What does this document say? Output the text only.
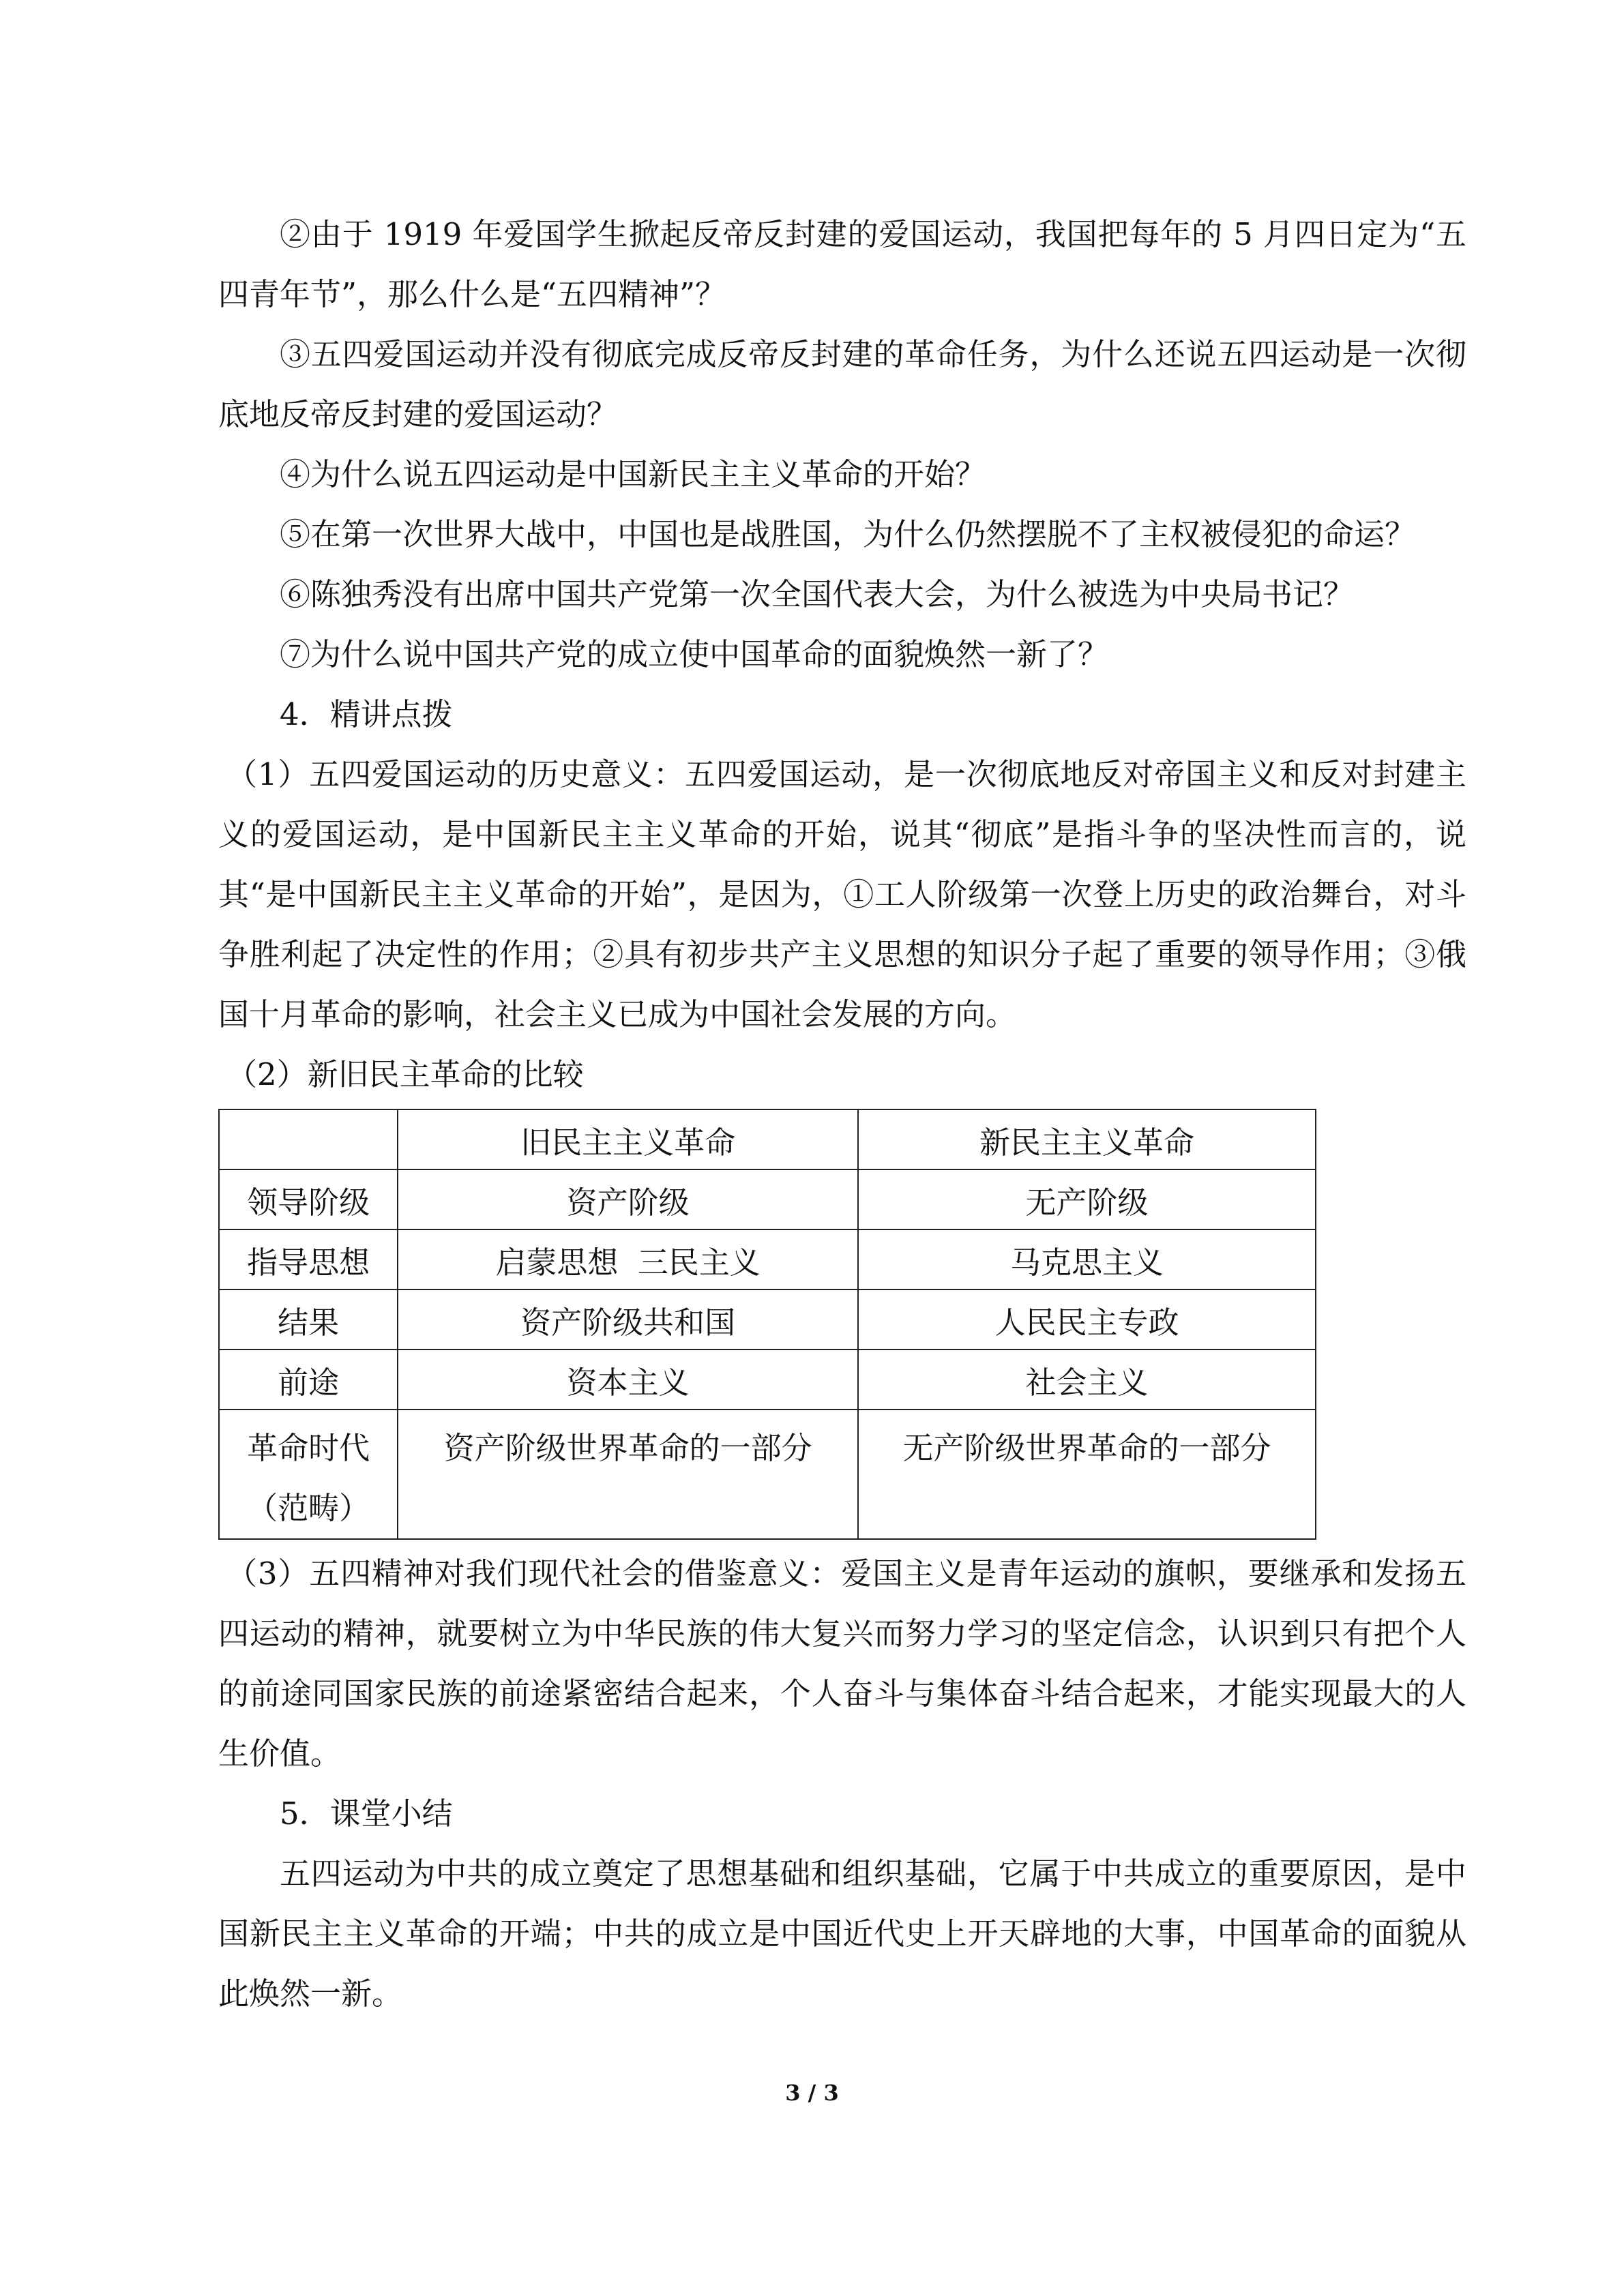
②由于 1919 年爱国学生掀起反帝反封建的爱国运动，我国把每年的 5 月四日定为“五四青年节”，那么什么是“五四精神”？

③五四爱国运动并没有彻底完成反帝反封建的革命任务，为什么还说五四运动是一次彻底地反帝反封建的爱国运动？

④为什么说五四运动是中国新民主主义革命的开始？

⑤在第一次世界大战中，中国也是战胜国，为什么仍然摆脱不了主权被侵犯的命运？

⑥陈独秀没有出席中国共产党第一次全国代表大会，为什么被选为中央局书记？

⑦为什么说中国共产党的成立使中国革命的面貌焕然一新了？

4．精讲点拨

（1）五四爱国运动的历史意义：五四爱国运动，是一次彻底地反对帝国主义和反对封建主义的爱国运动，是中国新民主主义革命的开始，说其“彻底”是指斗争的坚决性而言的，说其“是中国新民主主义革命的开始”，是因为，①工人阶级第一次登上历史的政治舞台，对斗争胜利起了决定性的作用；②具有初步共产主义思想的知识分子起了重要的领导作用；③俄国十月革命的影响，社会主义已成为中国社会发展的方向。

（2）新旧民主革命的比较

	旧民主主义革命	新民主主义革命
领导阶级	资产阶级	无产阶级
指导思想	启蒙思想  三民主义	马克思主义
结果	资产阶级共和国	人民民主专政
前途	资本主义	社会主义

革命时代
（范畴）	资产阶级世界革命的一部分	无产阶级世界革命的一部分

（3）五四精神对我们现代社会的借鉴意义：爱国主义是青年运动的旗帜，要继承和发扬五四运动的精神，就要树立为中华民族的伟大复兴而努力学习的坚定信念，认识到只有把个人的前途同国家民族的前途紧密结合起来，个人奋斗与集体奋斗结合起来，才能实现最大的人生价值。

5．课堂小结

五四运动为中共的成立奠定了思想基础和组织基础，它属于中共成立的重要原因，是中国新民主主义革命的开端；中共的成立是中国近代史上开天辟地的大事，中国革命的面貌从此焕然一新。

3 / 3
